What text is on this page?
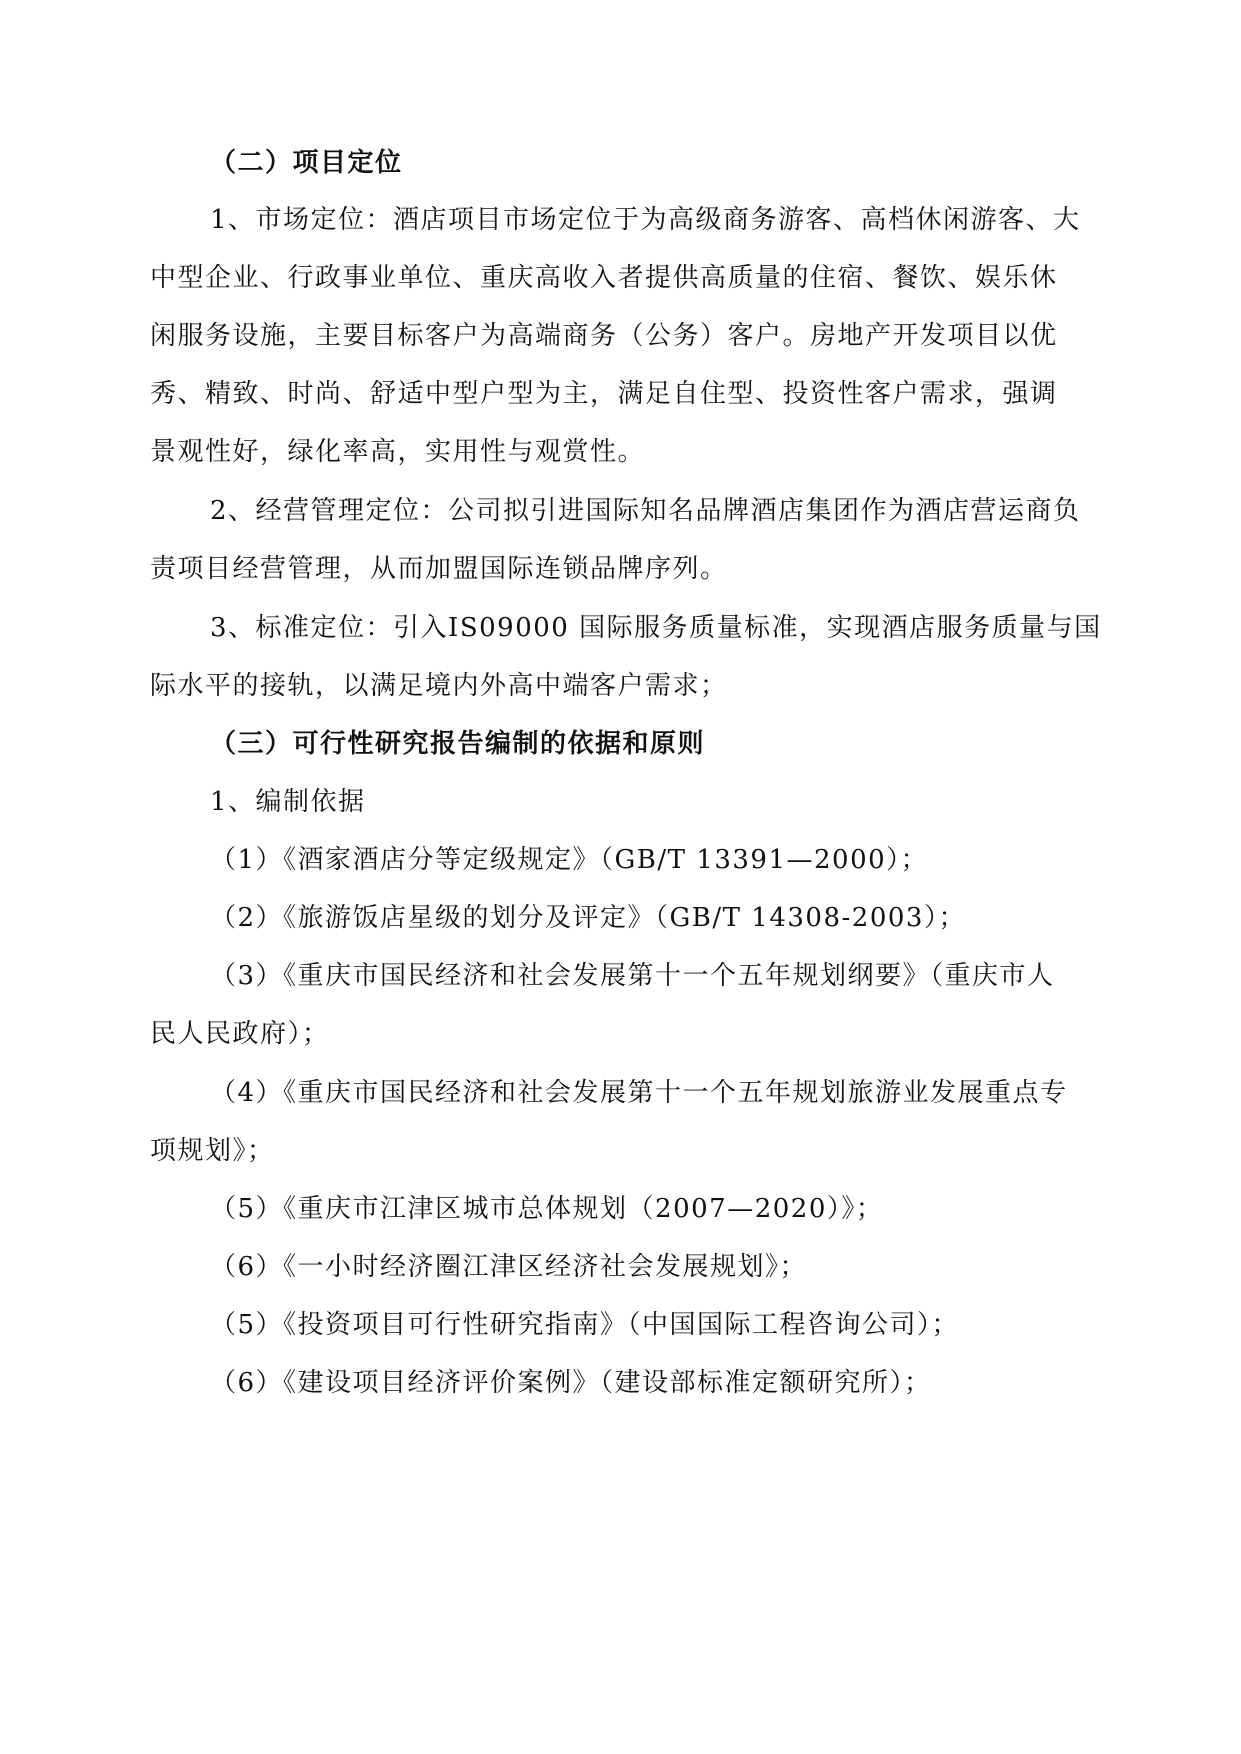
（二）项目定位
1、市场定位：酒店项目市场定位于为高级商务游客、高档休闲游客、大
中型企业、行政事业单位、重庆高收入者提供高质量的住宿、餐饮、娱乐休
闲服务设施，主要目标客户为高端商务（公务）客户。房地产开发项目以优
秀、精致、时尚、舒适中型户型为主，满足自住型、投资性客户需求，强调
景观性好，绿化率高，实用性与观赏性。
2、经营管理定位：公司拟引进国际知名品牌酒店集团作为酒店营运商负
责项目经营管理，从而加盟国际连锁品牌序列。
3、标准定位：引入IS09000 国际服务质量标准，实现酒店服务质量与国
际水平的接轨，以满足境内外高中端客户需求；
（三）可行性研究报告编制的依据和原则
1、编制依据
（1）《酒家酒店分等定级规定》（GB/T 13391—2000）；
（2）《旅游饭店星级的划分及评定》（GB/T 14308-2003）；
（3）《重庆市国民经济和社会发展第十一个五年规划纲要》（重庆市人
民人民政府）；
（4）《重庆市国民经济和社会发展第十一个五年规划旅游业发展重点专
项规划》；
（5）《重庆市江津区城市总体规划（2007—2020）》；
（6）《一小时经济圈江津区经济社会发展规划》；
（5）《投资项目可行性研究指南》（中国国际工程咨询公司）；
（6）《建设项目经济评价案例》（建设部标准定额研究所）；
